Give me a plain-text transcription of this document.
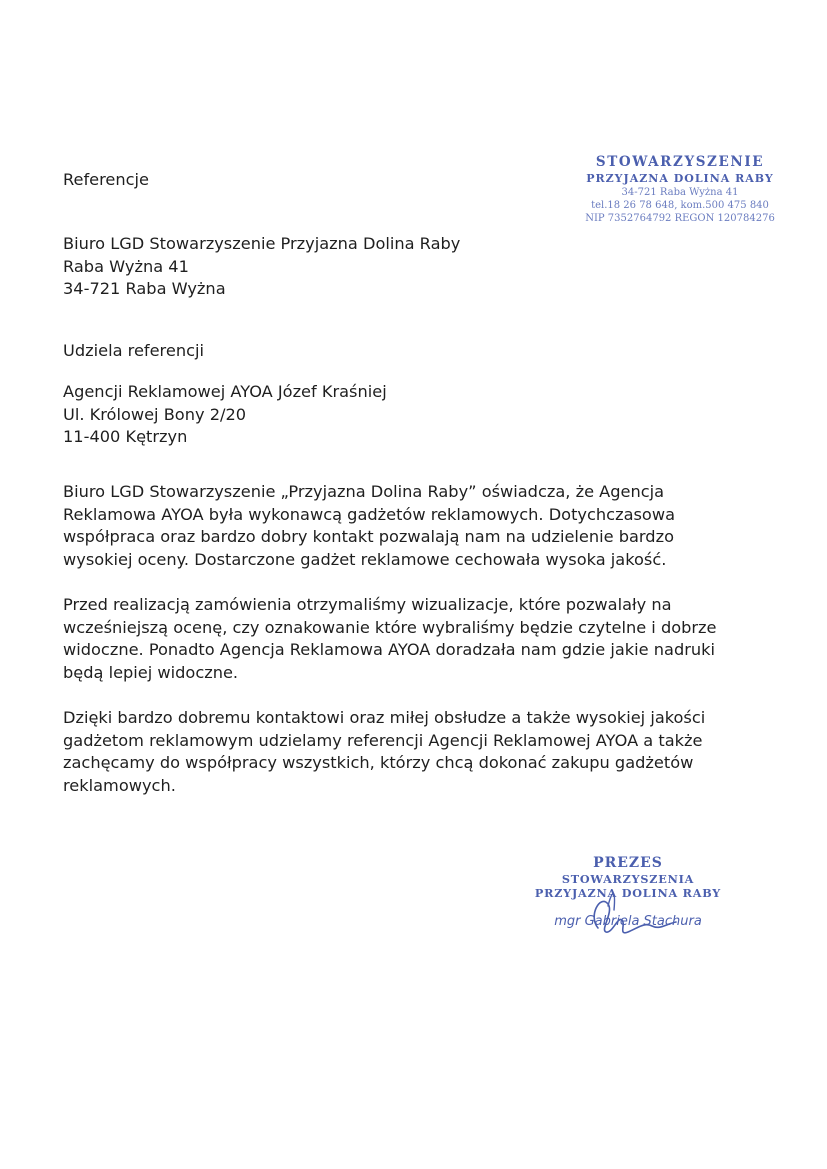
Referencje
STOWARZYSZENIE
PRZYJAZNA DOLINA RABY
34-721 Raba Wyżna 41
tel.18 26 78 648, kom.500 475 840
NIP 7352764792 REGON 120784276
Biuro LGD Stowarzyszenie Przyjazna Dolina Raby
Raba Wyżna 41
34-721 Raba Wyżna
Udziela referencji
Agencji Reklamowej AYOA Józef Kraśniej
Ul. Królowej Bony 2/20
11-400 Kętrzyn
Biuro LGD Stowarzyszenie „Przyjazna Dolina Raby” oświadcza, że Agencja
Reklamowa AYOA była wykonawcą gadżetów reklamowych. Dotychczasowa
współpraca oraz bardzo dobry kontakt pozwalają nam na udzielenie bardzo
wysokiej oceny. Dostarczone gadżet reklamowe cechowała wysoka jakość.
Przed realizacją zamówienia otrzymaliśmy wizualizacje, które pozwalały na
wcześniejszą ocenę, czy oznakowanie które wybraliśmy będzie czytelne i dobrze
widoczne. Ponadto Agencja Reklamowa AYOA doradzała nam gdzie jakie nadruki
będą lepiej widoczne.
Dzięki bardzo dobremu kontaktowi oraz miłej obsłudze a także wysokiej jakości
gadżetom reklamowym udzielamy referencji Agencji Reklamowej AYOA a także
zachęcamy do współpracy wszystkich, którzy chcą dokonać zakupu gadżetów
reklamowych.
PREZES
STOWARZYSZENIA
PRZYJAZNA DOLINA RABY
mgr Gabriela Stachura
